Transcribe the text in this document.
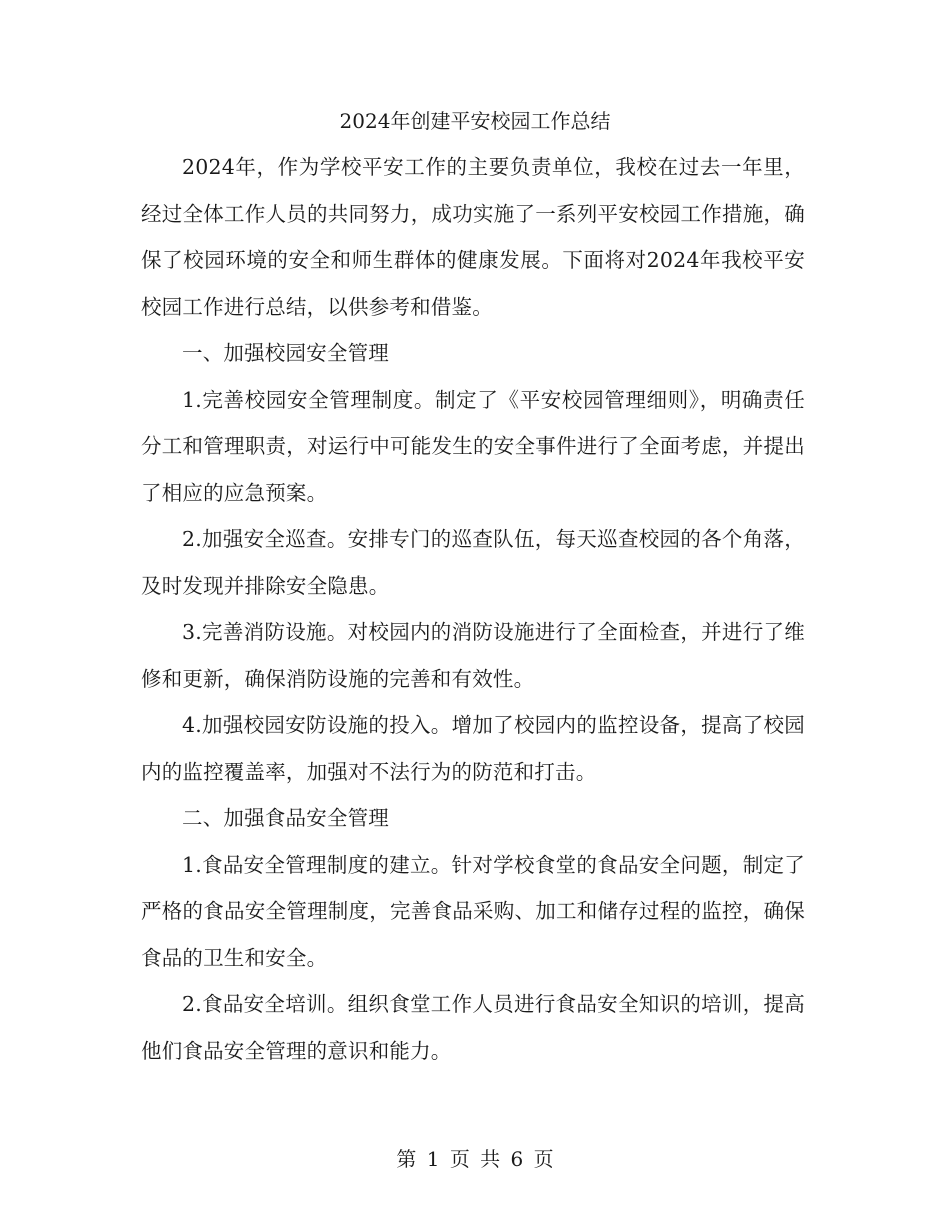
2024年创建平安校园工作总结

2024年，作为学校平安工作的主要负责单位，我校在过去一年里，经过全体工作人员的共同努力，成功实施了一系列平安校园工作措施，确保了校园环境的安全和师生群体的健康发展。下面将对2024年我校平安校园工作进行总结，以供参考和借鉴。

一、加强校园安全管理

1.完善校园安全管理制度。制定了《平安校园管理细则》，明确责任分工和管理职责，对运行中可能发生的安全事件进行了全面考虑，并提出了相应的应急预案。

2.加强安全巡查。安排专门的巡查队伍，每天巡查校园的各个角落，及时发现并排除安全隐患。

3.完善消防设施。对校园内的消防设施进行了全面检查，并进行了维修和更新，确保消防设施的完善和有效性。

4.加强校园安防设施的投入。增加了校园内的监控设备，提高了校园内的监控覆盖率，加强对不法行为的防范和打击。

二、加强食品安全管理

1.食品安全管理制度的建立。针对学校食堂的食品安全问题，制定了严格的食品安全管理制度，完善食品采购、加工和储存过程的监控，确保食品的卫生和安全。

2.食品安全培训。组织食堂工作人员进行食品安全知识的培训，提高他们食品安全管理的意识和能力。

第 1 页 共 6 页
